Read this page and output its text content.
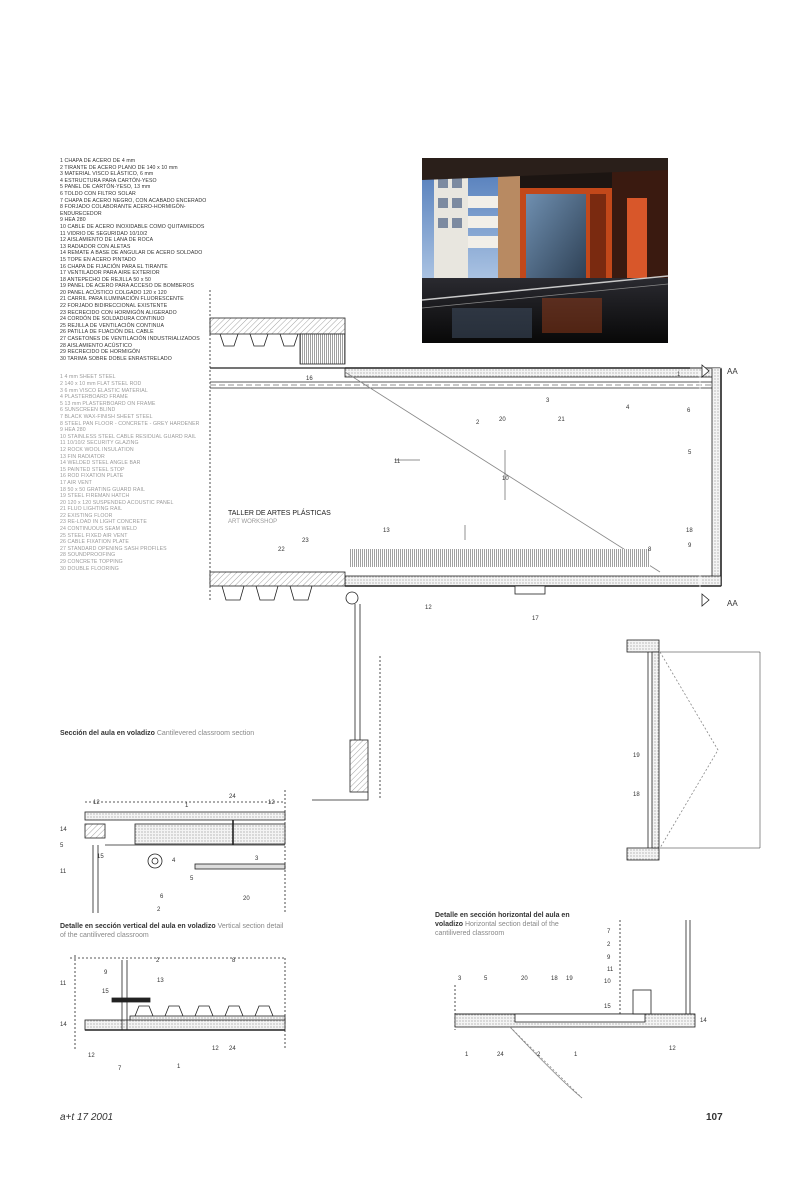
1 CHAPA DE ACERO DE 4 mm
2 TIRANTE DE ACERO PLANO DE 140 x 10 mm
3 MATERIAL VISCO ELÁSTICO, 6 mm
4 ESTRUCTURA PARA CARTÓN-YESO
5 PANEL DE CARTÓN-YESO, 13 mm
6 TOLDO CON FILTRO SOLAR
7 CHAPA DE ACERO NEGRO, CON ACABADO ENCERADO
8 FORJADO COLABORANTE ACERO-HORMIGÓN-ENDURECEDOR
9 HEA 280
10 CABLE DE ACERO INOXIDABLE COMO QUITAMIEDOS
11 VIDRIO DE SEGURIDAD 10/10/2
12 AISLAMIENTO DE LANA DE ROCA
13 RADIADOR CON ALETAS
14 REMATE A BASE DE ANGULAR DE ACERO SOLDADO
15 TOPE EN ACERO PINTADO
16 CHAPA DE FIJACIÓN PARA EL TIRANTE
17 VENTILADOR PARA AIRE EXTERIOR
18 ANTEPECHO DE REJILLA 50 x 50
19 PANEL DE ACERO PARA ACCESO DE BOMBEROS
20 PANEL ACÚSTICO COLGADO 120 x 120
21 CARRIL PARA ILUMINACIÓN FLUORESCENTE
22 FORJADO BIDIRECCIONAL EXISTENTE
23 RECRECIDO CON HORMIGÓN ALIGERADO
24 CORDÓN DE SOLDADURA CONTINUO
25 REJILLA DE VENTILACIÓN CONTINUA
26 PATILLA DE FIJACIÓN DEL CABLE
27 CASETONES DE VENTILACIÓN INDUSTRIALIZADOS
28 AISLAMIENTO ACÚSTICO
29 RECRECIDO DE HORMIGÓN
30 TARIMA SOBRE DOBLE ENRASTRELADO
1 4 mm SHEET STEEL
2 140 x 10 mm FLAT STEEL ROD
3 6 mm VISCO ELASTIC MATERIAL
4 PLASTERBOARD FRAME
5 13 mm PLASTERBOARD ON FRAME
6 SUNSCREEN BLIND
7 BLACK WAX-FINISH SHEET STEEL
8 STEEL PAN FLOOR - CONCRETE - GREY HARDENER
9 HEA 280
10 STAINLESS STEEL CABLE RESIDUAL GUARD RAIL
11 10/10/2 SECURITY GLAZING
12 ROCK WOOL INSULATION
13 FIN RADIATOR
14 WELDED STEEL ANGLE BAR
15 PAINTED STEEL STOP
16 ROD FIXATION PLATE
17 AIR VENT
18 50 x 50 GRATING GUARD RAIL
19 STEEL FIREMAN HATCH
20 120 x 120 SUSPENDED ACOUSTIC PANEL
21 FLUO LIGHTING RAIL
22 EXISTING FLOOR
23 RE-LOAD IN LIGHT CONCRETE
24 CONTINUOUS SEAM WELD
25 STEEL FIXED AIR VENT
26 CABLE FIXATION PLATE
27 STANDARD OPENING SASH PROFILES
28 SOUNDPROOFING
29 CONCRETE TOPPING
30 DOUBLE FLOORING
1
2
3
4
5
6
8
9
10
11
12
13
16
17
18
20	21
22
23
AA
AA
TALLER DE ARTES PLÁSTICAS
ART WORKSHOP
19
18
12	1
24
12
14
5
15
4	3
5
11
6	20
2
2	8
9
13
11
15
14
12 24
12
7	1
7
2
9
11
10
15
3	5	20	18 19
14
1	24	2	1
12
Sección del aula en voladizo Cantilevered classroom section
Detalle en sección vertical del aula en voladizo Vertical section detail of the cantilivered classroom
Detalle en sección horizontal del aula en voladizo Horizontal section detail of the cantilivered classroom
a+t 17 2001	107
